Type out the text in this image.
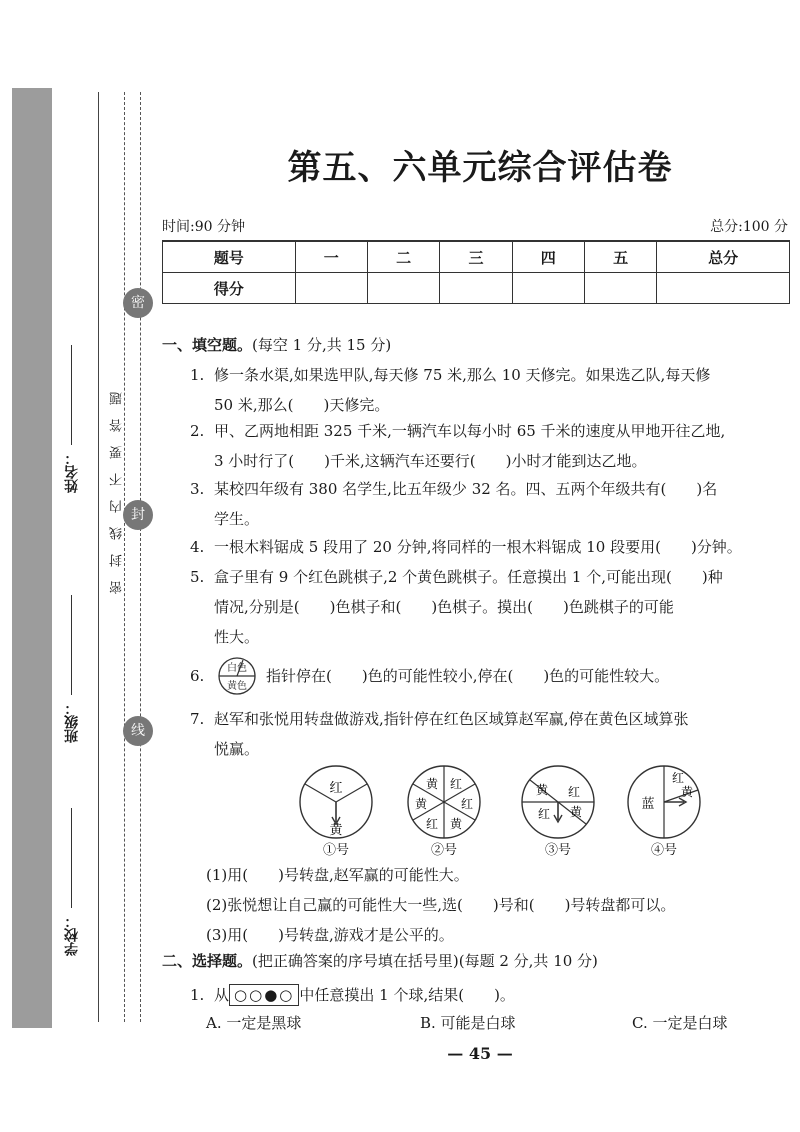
姓名：
班级：
学校：
密
封
线
密封线内不要答题
第五、六单元综合评估卷
时间:90 分钟	总分:100 分
题号	一	二	三	四	五	总分
得分						
一、填空题。(每空 1 分,共 15 分)
1. 修一条水渠,如果选甲队,每天修 75 米,那么 10 天修完。如果选乙队,每天修
50 米,那么(　　)天修完。
2. 甲、乙两地相距 325 千米,一辆汽车以每小时 65 千米的速度从甲地开往乙地,
3 小时行了(　　)千米,这辆汽车还要行(　　)小时才能到达乙地。
3. 某校四年级有 380 名学生,比五年级少 32 名。四、五两个年级共有(　　)名
学生。
4. 一根木料锯成 5 段用了 20 分钟,将同样的一根木料锯成 10 段要用(　　)分钟。
5. 盒子里有 9 个红色跳棋子,2 个黄色跳棋子。任意摸出 1 个,可能出现(　　)种
情况,分别是(　　)色棋子和(　　)色棋子。摸出(　　)色跳棋子的可能
性大。
6.	白色
黄色
指针停在(　　)色的可能性较小,停在(　　)色的可能性较大。
7. 赵军和张悦用转盘做游戏,指针停在红色区域算赵军赢,停在黄色区域算张
悦赢。
红
黄
①号
黄 红
黄	红
红 黄
②号
黄 红
红 黄
③号
红
蓝
黄
④号
(1)用(　　)号转盘,赵军赢的可能性大。
(2)张悦想让自己赢的可能性大一些,选(　　)号和(　　)号转盘都可以。
(3)用(　　)号转盘,游戏才是公平的。
二、选择题。(把正确答案的序号填在括号里)(每题 2 分,共 10 分)
1. 从 ○○●○ 中任意摸出 1 个球,结果(　　)。
A. 一定是黑球	B. 可能是白球	C. 一定是白球
— 45 —
